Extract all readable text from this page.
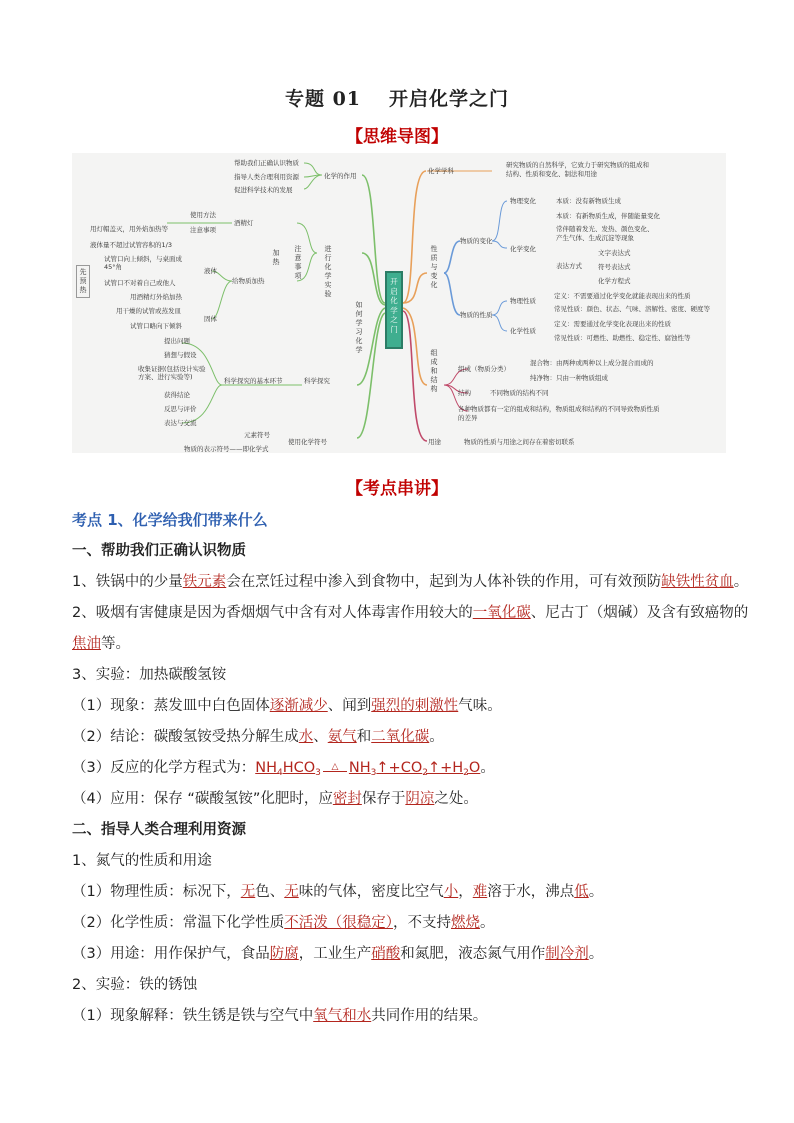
专题 01 开启化学之门
【思维导图】
开启化学之门
帮助我们正确认识物质
指导人类合理利用资源
促进科学技术的发展
化学的作用
使用方法
注意事项
用灯帽盖灭，用外焰加热等
酒精灯
液体量不超过试管容积的1/3
试管口向上倾斜，与桌面成45°角
试管口不对着自己或他人
用酒精灯外焰加热
液体
用干燥的试管或蒸发皿
试管口略向下倾斜
固体
先预热
给物质加热
加热
注意事项
进行化学实验
如何学习化学
提出问题
猜想与假设
收集证据(包括设计实验方案、进行实验等)
获得结论
反思与评价
表达与交流
科学探究的基本环节	科学探究
元素符号
物质的表示符号——即化学式
使用化学符号
化学学科
研究物质的自然科学，它致力于研究物质的组成和
结构、性质和变化、制法和用途
性质与变化
物质的变化
物理变化	本质：没有新物质生成
化学变化
本质：有新物质生成，伴随能量变化
常伴随着发光、发热、颜色变化、
产生气体、生成沉淀等现象
表达方式
文字表达式
符号表达式
化学方程式
物质的性质
物理性质
定义：不需要通过化学变化就能表现出来的性质
常见性质：颜色、状态、气味、溶解性、密度、硬度等
化学性质
定义：需要通过化学变化表现出来的性质
常见性质：可燃性、助燃性、稳定性、腐蚀性等
组成和结构
组成（物质分类）
混合物：由两种或两种以上成分混合而成的
纯净物：只由一种物质组成
结构	不同物质的结构不同
各种物质都有一定的组成和结构，物质组成和结构的不同导致物质性质
的差异
用途	物质的性质与用途之间存在着密切联系
【考点串讲】
考点 1、化学给我们带来什么
一、帮助我们正确认识物质
1、铁锅中的少量铁元素会在烹饪过程中渗入到食物中，起到为人体补铁的作用，可有效预防缺铁性贫血。
2、吸烟有害健康是因为香烟烟气中含有对人体毒害作用较大的一氧化碳、尼古丁（烟碱）及含有致癌物的
焦油等。
3、实验：加热碳酸氢铵
（1）现象：蒸发皿中白色固体逐渐减少、闻到强烈的刺激性气味。
（2）结论：碳酸氢铵受热分解生成水、氨气和二氧化碳。
（3）反应的化学方程式为：$NH_4HCO_3$
△ $NH_3↑+CO_2↑+H_2O$。
（4）应用：保存 “碳酸氢铵”化肥时，应密封保存于阴凉之处。
二、指导人类合理利用资源
1、氮气的性质和用途
（1）物理性质：标况下，无色、无味的气体，密度比空气小，难溶于水，沸点低。
（2）化学性质：常温下化学性质不活泼（很稳定），不支持燃烧。
（3）用途：用作保护气，食品防腐，工业生产硝酸和氮肥，液态氮气用作制冷剂。
2、实验：铁的锈蚀
（1）现象解释：铁生锈是铁与空气中氧气和水共同作用的结果。
